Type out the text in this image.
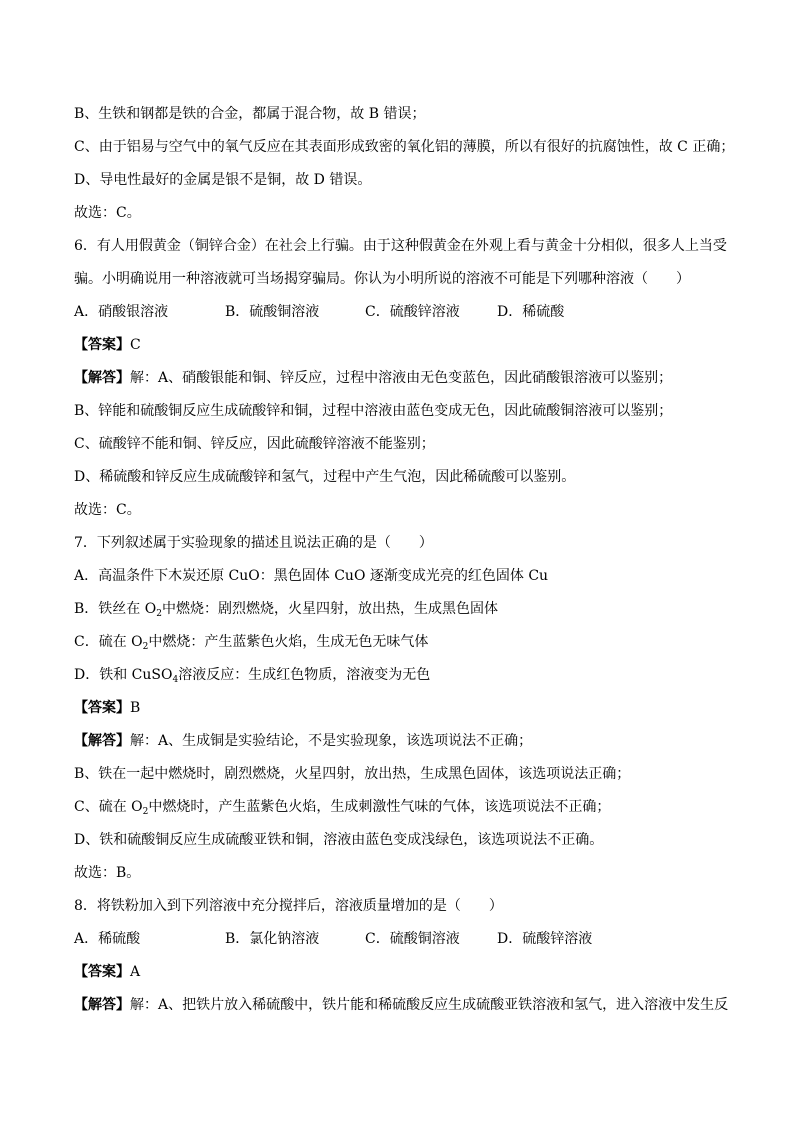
B、生铁和钢都是铁的合金，都属于混合物，故 B 错误；
C、由于铝易与空气中的氧气反应在其表面形成致密的氧化铝的薄膜，所以有很好的抗腐蚀性，故 C 正确；
D、导电性最好的金属是银不是铜，故 D 错误。
故选：C。
6．有人用假黄金（铜锌合金）在社会上行骗。由于这种假黄金在外观上看与黄金十分相似，很多人上当受
骗。小明确说用一种溶液就可当场揭穿骗局。你认为小明所说的溶液不可能是下列哪种溶液（　　）
A．硝酸银溶液	B．硫酸铜溶液	C．硫酸锌溶液	D．稀硫酸
【答案】C
【解答】解：A、硝酸银能和铜、锌反应，过程中溶液由无色变蓝色，因此硝酸银溶液可以鉴别；
B、锌能和硫酸铜反应生成硫酸锌和铜，过程中溶液由蓝色变成无色，因此硫酸铜溶液可以鉴别；
C、硫酸锌不能和铜、锌反应，因此硫酸锌溶液不能鉴别；
D、稀硫酸和锌反应生成硫酸锌和氢气，过程中产生气泡，因此稀硫酸可以鉴别。
故选：C。
7．下列叙述属于实验现象的描述且说法正确的是（　　）
A．高温条件下木炭还原 CuO：黑色固体 CuO 逐渐变成光亮的红色固体 Cu
B．铁丝在 $O_2$中燃烧：剧烈燃烧，火星四射，放出热，生成黑色固体
C．硫在 $O_2$中燃烧：产生蓝紫色火焰，生成无色无味气体
D．铁和 CuSO$_4$溶液反应：生成红色物质，溶液变为无色
【答案】B
【解答】解：A、生成铜是实验结论，不是实验现象，该选项说法不正确；
B、铁在一起中燃烧时，剧烈燃烧，火星四射，放出热，生成黑色固体，该选项说法正确；
C、硫在 $O_2$中燃烧时，产生蓝紫色火焰，生成刺激性气味的气体，该选项说法不正确；
D、铁和硫酸铜反应生成硫酸亚铁和铜，溶液由蓝色变成浅绿色，该选项说法不正确。
故选：B。
8．将铁粉加入到下列溶液中充分搅拌后，溶液质量增加的是（　　）
A．稀硫酸	B．氯化钠溶液	C．硫酸铜溶液	D．硫酸锌溶液
【答案】A
【解答】解：A、把铁片放入稀硫酸中，铁片能和稀硫酸反应生成硫酸亚铁溶液和氢气，进入溶液中发生反
